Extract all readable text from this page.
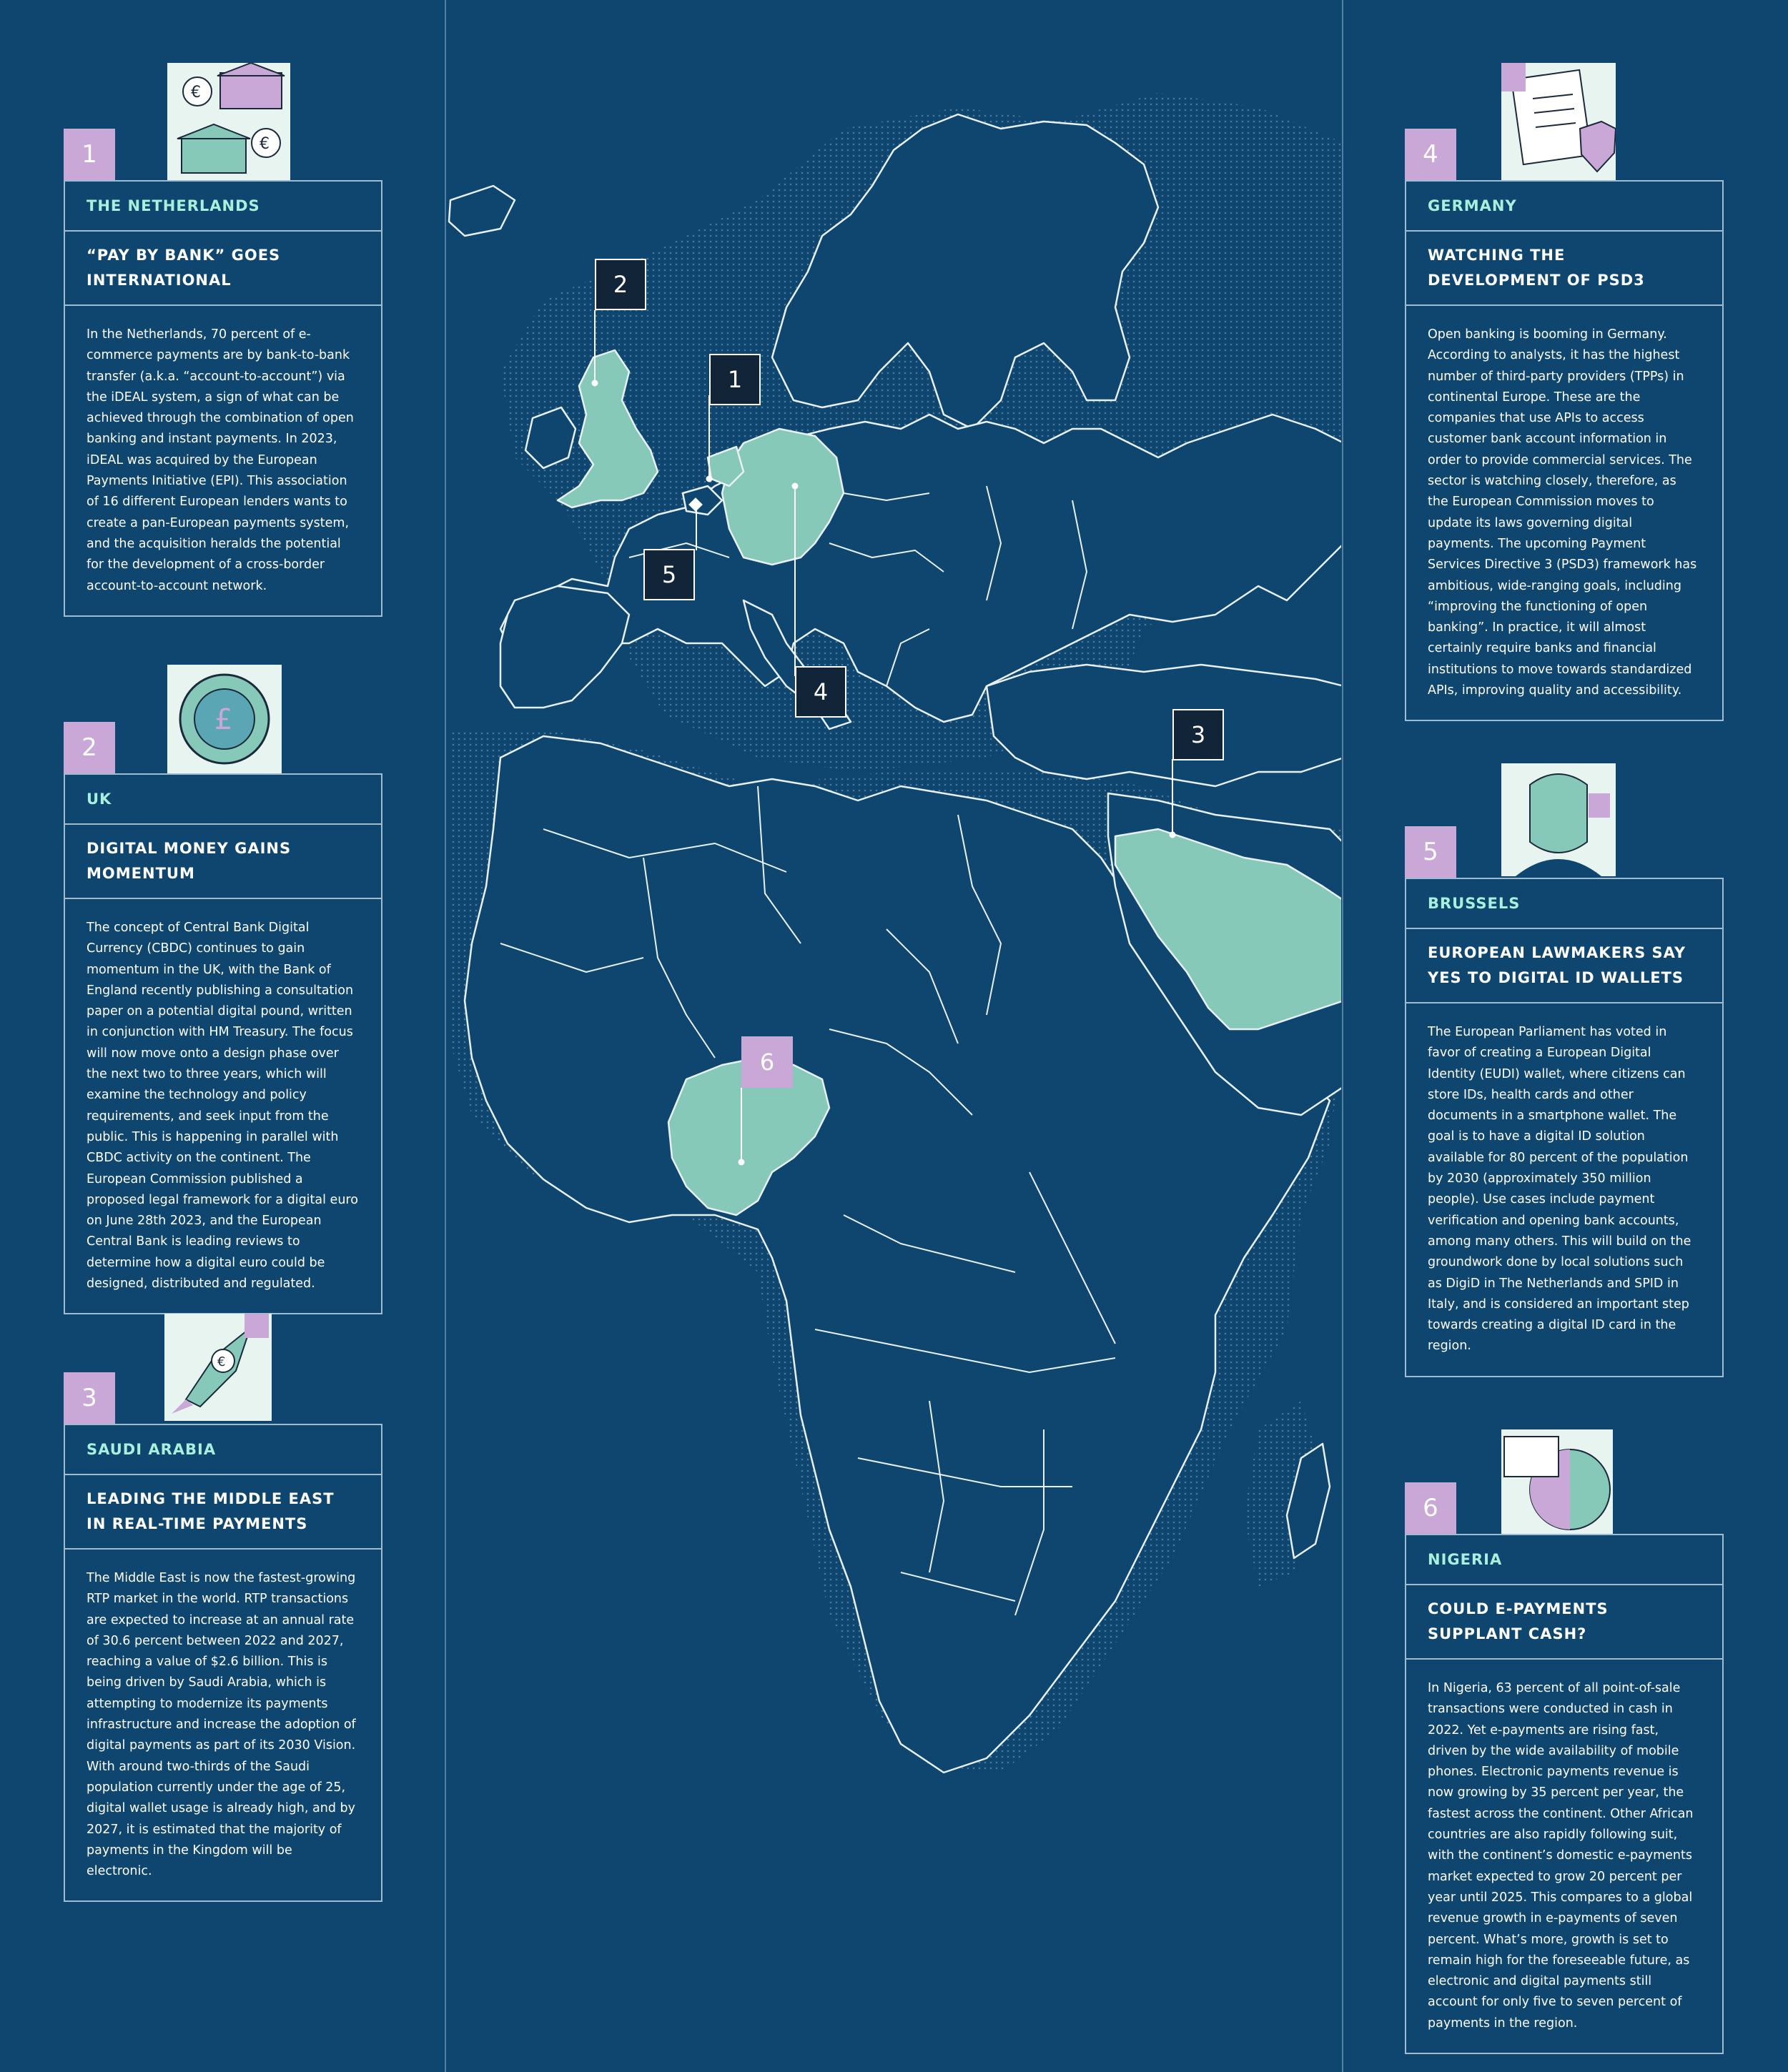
1
2
3
4
5
6
€
€
1
THE NETHERLANDS
“PAY BY BANK” GOES INTERNATIONAL
In the Netherlands, 70 percent of e-commerce payments are by bank-to-bank transfer (a.k.a. “account-to-account”) via the iDEAL system, a sign of what can be achieved through the combination of open banking and instant payments. In 2023, iDEAL was acquired by the European Payments Initiative (EPI). This association of 16 different European lenders wants to create a pan-European payments system, and the acquisition heralds the potential for the development of a cross-border account-to-account network.
£
2
UK
DIGITAL MONEY GAINS MOMENTUM
The concept of Central Bank Digital Currency (CBDC) continues to gain momentum in the UK, with the Bank of England recently publishing a consultation paper on a potential digital pound, written in conjunction with HM Treasury. The focus will now move onto a design phase over the next two to three years, which will examine the technology and policy requirements, and seek input from the public. This is happening in parallel with CBDC activity on the continent. The European Commission published a proposed legal framework for a digital euro on June 28th 2023, and the European Central Bank is leading reviews to determine how a digital euro could be designed, distributed and regulated.
€
3
SAUDI ARABIA
LEADING THE MIDDLE EAST IN REAL-TIME PAYMENTS
The Middle East is now the fastest-growing RTP market in the world. RTP transactions are expected to increase at an annual rate of 30.6 percent between 2022 and 2027, reaching a value of $2.6 billion. This is being driven by Saudi Arabia, which is attempting to modernize its payments infrastructure and increase the adoption of digital payments as part of its 2030 Vision. With around two-thirds of the Saudi population currently under the age of 25, digital wallet usage is already high, and by 2027, it is estimated that the majority of payments in the Kingdom will be electronic.
4
GERMANY
WATCHING THE DEVELOPMENT OF PSD3
Open banking is booming in Germany. According to analysts, it has the highest number of third-party providers (TPPs) in continental Europe. These are the companies that use APIs to access customer bank account information in order to provide commercial services. The sector is watching closely, therefore, as the European Commission moves to update its laws governing digital payments. The upcoming Payment Services Directive 3 (PSD3) framework has ambitious, wide-ranging goals, including “improving the functioning of open banking”. In practice, it will almost certainly require banks and financial institutions to move towards standardized APIs, improving quality and accessibility.
5
BRUSSELS
EUROPEAN LAWMAKERS SAY YES TO DIGITAL ID WALLETS
The European Parliament has voted in favor of creating a European Digital Identity (EUDI) wallet, where citizens can store IDs, health cards and other documents in a smartphone wallet. The goal is to have a digital ID solution available for 80 percent of the population by 2030 (approximately 350 million people). Use cases include payment verification and opening bank accounts, among many others. This will build on the groundwork done by local solutions such as DigiD in The Netherlands and SPID in Italy, and is considered an important step towards creating a digital ID card in the region.
6
NIGERIA
COULD E-PAYMENTS SUPPLANT CASH?
In Nigeria, 63 percent of all point-of-sale transactions were conducted in cash in 2022. Yet e-payments are rising fast, driven by the wide availability of mobile phones. Electronic payments revenue is now growing by 35 percent per year, the fastest across the continent. Other African countries are also rapidly following suit, with the continent’s domestic e-payments market expected to grow 20 percent per year until 2025. This compares to a global revenue growth in e-payments of seven percent. What’s more, growth is set to remain high for the foreseeable future, as electronic and digital payments still account for only five to seven percent of payments in the region.
